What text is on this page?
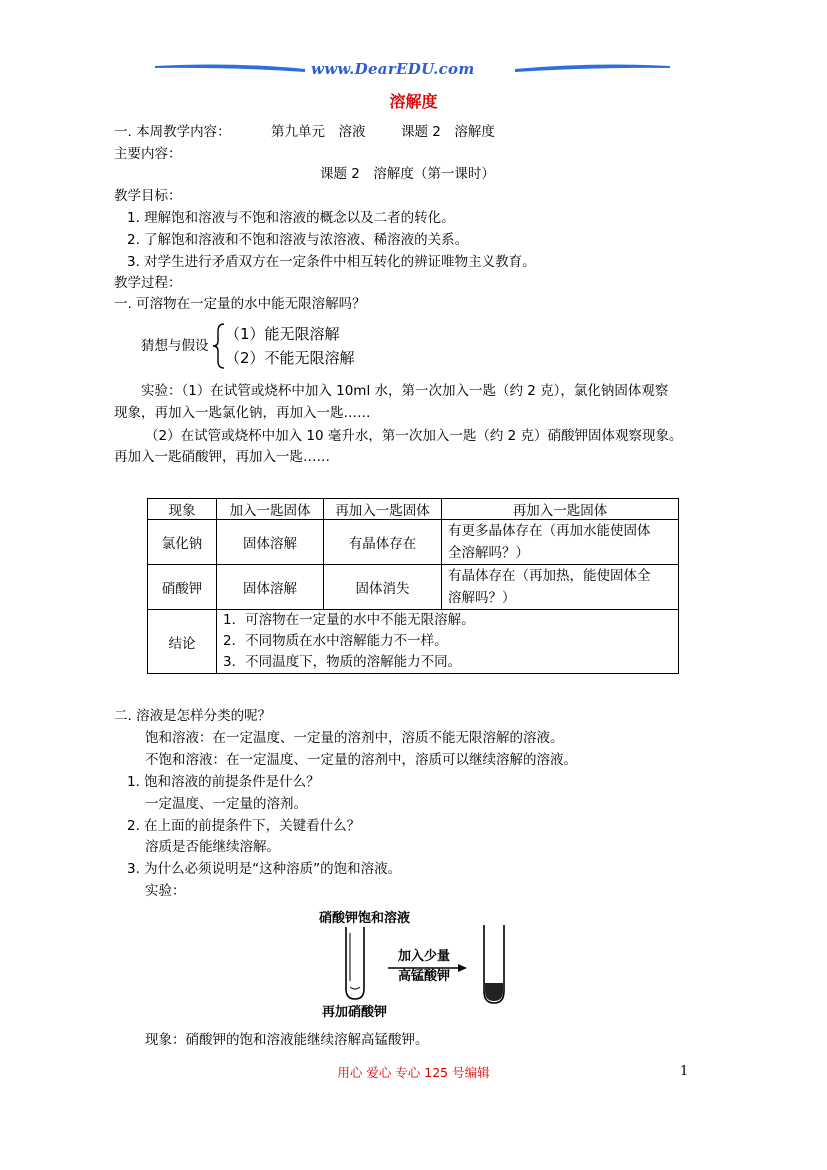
www.DearEDU.com
溶解度
一. 本周教学内容：	第九单元　溶液	课题 2　溶解度
主要内容：
课题 2　溶解度（第一课时）
教学目标：
1. 理解饱和溶液与不饱和溶液的概念以及二者的转化。
2. 了解饱和溶液和不饱和溶液与浓溶液、稀溶液的关系。
3. 对学生进行矛盾双方在一定条件中相互转化的辨证唯物主义教育。
教学过程：
一. 可溶物在一定量的水中能无限溶解吗？
猜想与假设
（1）能无限溶解
（2）不能无限溶解
实验：（1）在试管或烧杯中加入 10ml 水，第一次加入一匙（约 2 克），氯化钠固体观察
现象，再加入一匙氯化钠，再加入一匙……
（2）在试管或烧杯中加入 10 毫升水，第一次加入一匙（约 2 克）硝酸钾固体观察现象。
再加入一匙硝酸钾，再加入一匙……
现象	加入一匙固体	再加入一匙固体	再加入一匙固体
氯化钠	固体溶解	有晶体存在	有更多晶体存在（再加水能使固体
全溶解吗？）

硝酸钾	固体溶解	固体消失	有晶体存在（再加热，能使固体全
溶解吗？）

结论	1．可溶物在一定量的水中不能无限溶解。
2．不同物质在水中溶解能力不一样。
3．不同温度下，物质的溶解能力不同。		
二. 溶液是怎样分类的呢？
饱和溶液：在一定温度、一定量的溶剂中，溶质不能无限溶解的溶液。
不饱和溶液：在一定温度、一定量的溶剂中，溶质可以继续溶解的溶液。
1. 饱和溶液的前提条件是什么？
一定温度、一定量的溶剂。
2. 在上面的前提条件下，关键看什么？
溶质是否能继续溶解。
3. 为什么必须说明是“这种溶质”的饱和溶液。
实验：
硝酸钾饱和溶液
加入少量
高锰酸钾
再加硝酸钾
现象：硝酸钾的饱和溶液能继续溶解高锰酸钾。
用心 爱心 专心 125 号编辑	1
